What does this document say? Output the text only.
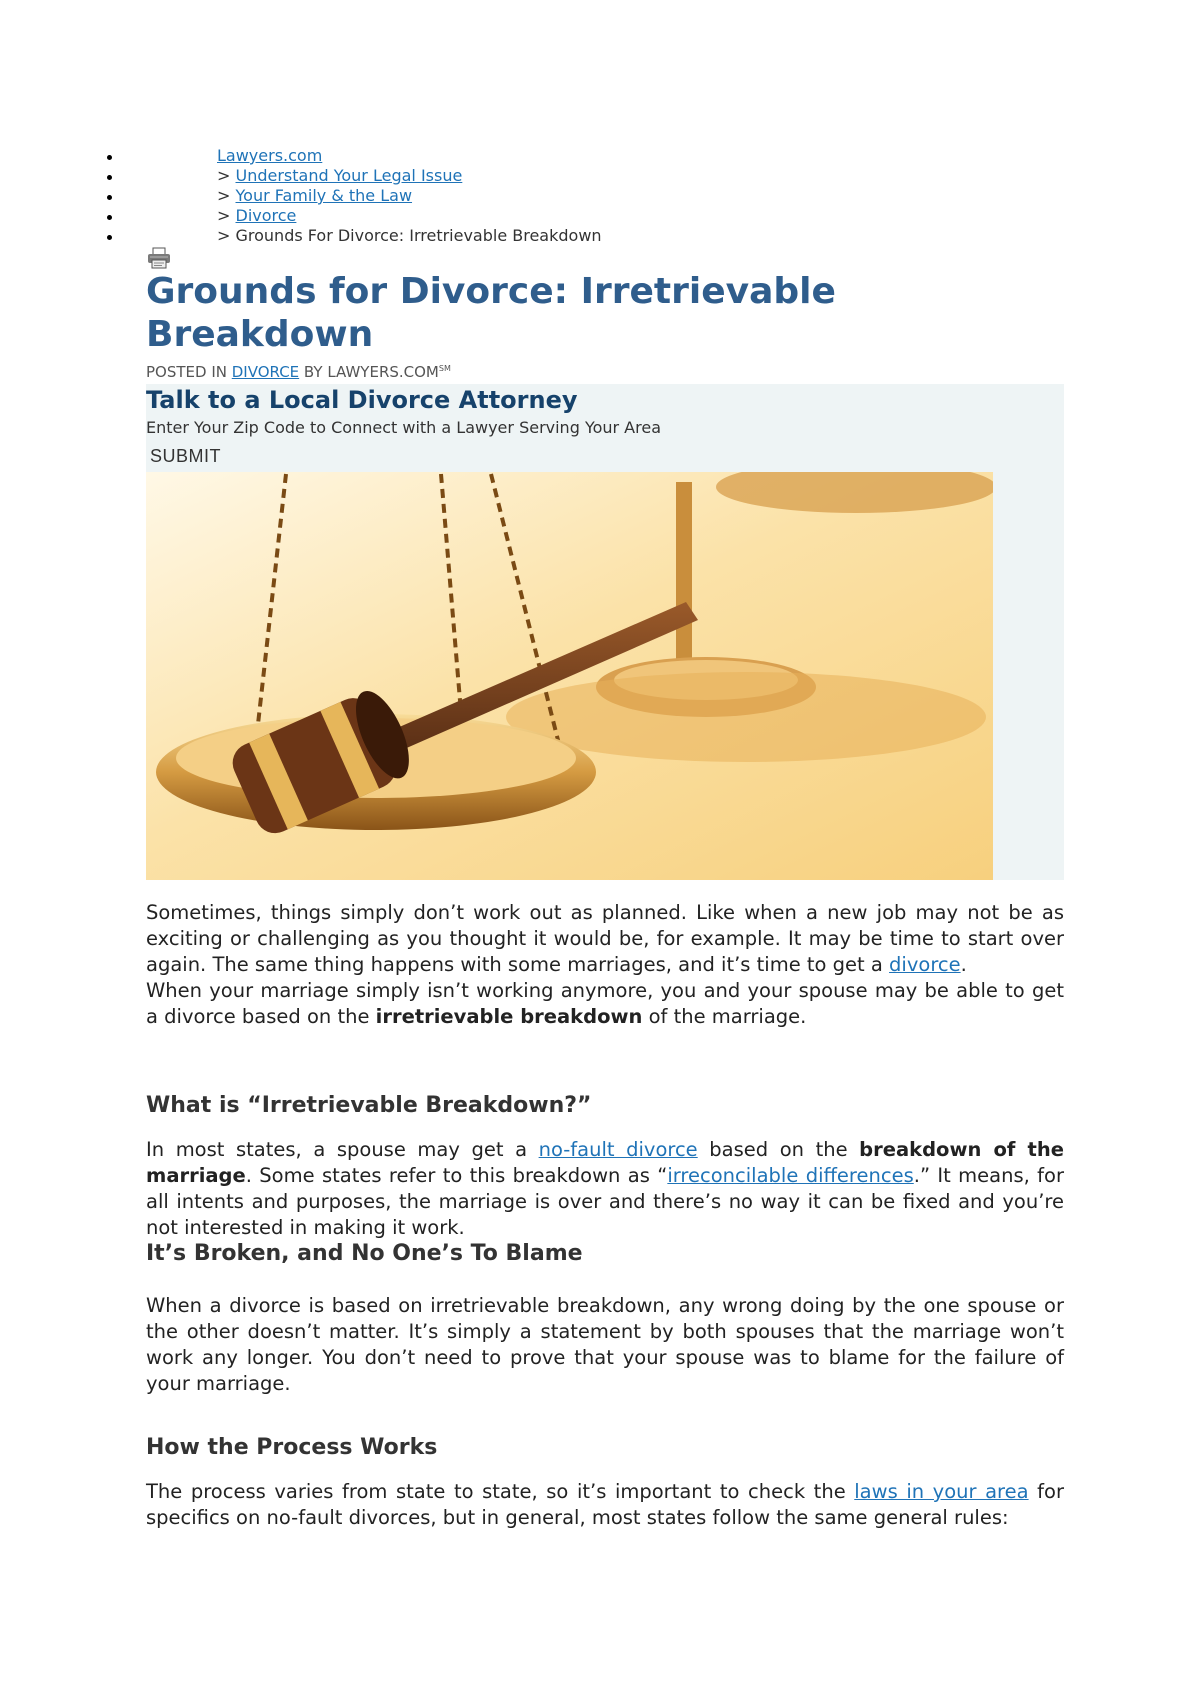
Lawyers.com
> Understand Your Legal Issue
> Your Family & the Law
> Divorce
> Grounds For Divorce: Irretrievable Breakdown
Grounds for Divorce: Irretrievable Breakdown
POSTED IN DIVORCE BY LAWYERS.COM℠
Talk to a Local Divorce Attorney
Enter Your Zip Code to Connect with a Lawyer Serving Your Area
SUBMIT

Sometimes, things simply don’t work out as planned. Like when a new job may not be as exciting or challenging as you thought it would be, for example. It may be time to start over again. The same thing happens with some marriages, and it’s time to get a divorce.

When your marriage simply isn’t working anymore, you and your spouse may be able to get a divorce based on the irretrievable breakdown of the marriage.

What is “Irretrievable Breakdown?”

In most states, a spouse may get a no-fault divorce based on the breakdown of the marriage. Some states refer to this breakdown as “irreconcilable differences.” It means, for all intents and purposes, the marriage is over and there’s no way it can be fixed and you’re not interested in making it work.

It’s Broken, and No One’s To Blame

When a divorce is based on irretrievable breakdown, any wrong doing by the one spouse or the other doesn’t matter. It’s simply a statement by both spouses that the marriage won’t work any longer. You don’t need to prove that your spouse was to blame for the failure of your marriage.

How the Process Works

The process varies from state to state, so it’s important to check the laws in your area for specifics on no-fault divorces, but in general, most states follow the same general rules:
